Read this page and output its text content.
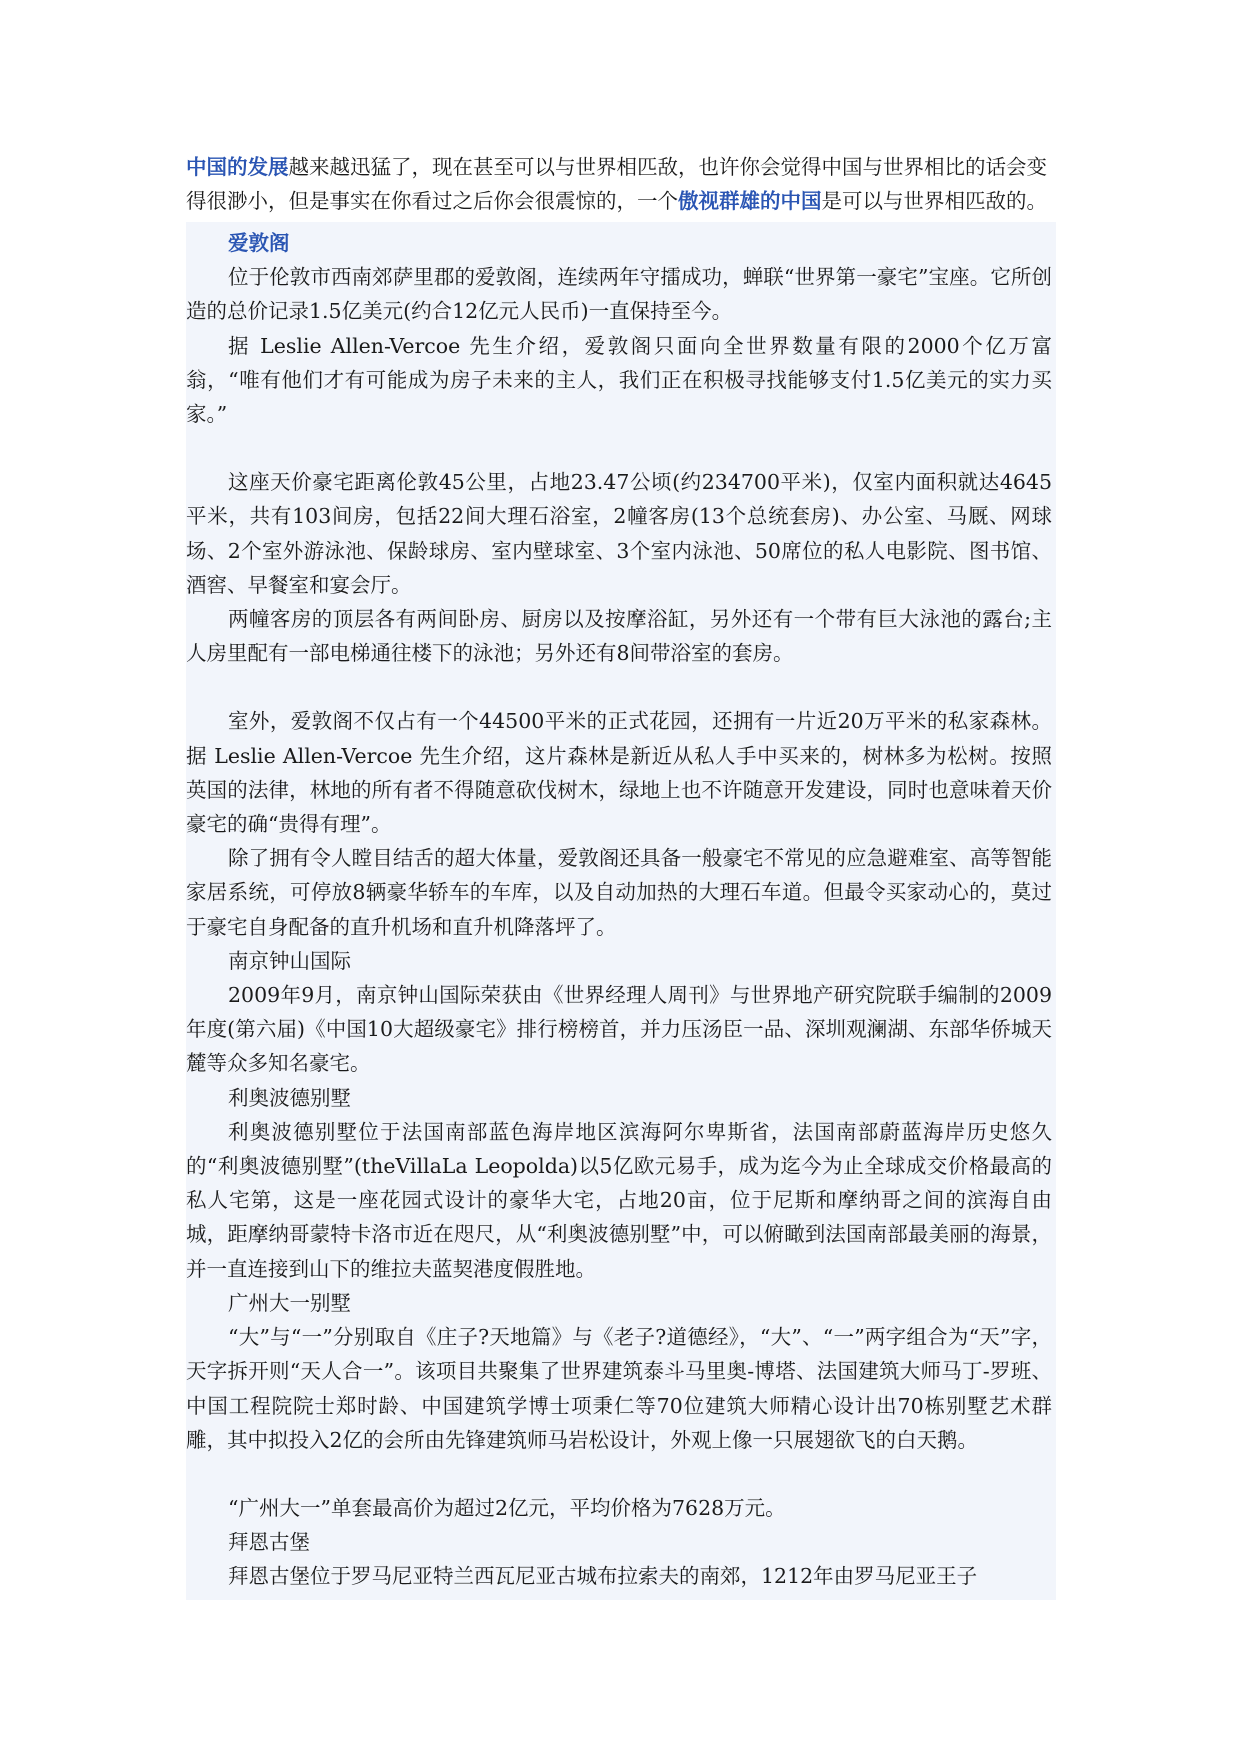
中国的发展越来越迅猛了，现在甚至可以与世界相匹敌，也许你会觉得中国与世界相比的话会变得很渺小，但是事实在你看过之后你会很震惊的，一个傲视群雄的中国是可以与世界相匹敌的。

爱敦阁

位于伦敦市西南郊萨里郡的爱敦阁，连续两年守擂成功，蝉联“世界第一豪宅”宝座。它所创造的总价记录1.5亿美元(约合12亿元人民币)一直保持至今。

据 Leslie Allen-Vercoe 先生介绍，爱敦阁只面向全世界数量有限的2000个亿万富翁，“唯有他们才有可能成为房子未来的主人，我们正在积极寻找能够支付1.5亿美元的实力买家。”

这座天价豪宅距离伦敦45公里，占地23.47公顷(约234700平米)，仅室内面积就达4645平米，共有103间房，包括22间大理石浴室，2幢客房(13个总统套房)、办公室、马厩、网球场、2个室外游泳池、保龄球房、室内壁球室、3个室内泳池、50席位的私人电影院、图书馆、酒窖、早餐室和宴会厅。

两幢客房的顶层各有两间卧房、厨房以及按摩浴缸，另外还有一个带有巨大泳池的露台;主人房里配有一部电梯通往楼下的泳池；另外还有8间带浴室的套房。

室外，爱敦阁不仅占有一个44500平米的正式花园，还拥有一片近20万平米的私家森林。据 Leslie Allen-Vercoe 先生介绍，这片森林是新近从私人手中买来的，树林多为松树。按照英国的法律，林地的所有者不得随意砍伐树木，绿地上也不许随意开发建设，同时也意味着天价豪宅的确“贵得有理”。

除了拥有令人瞠目结舌的超大体量，爱敦阁还具备一般豪宅不常见的应急避难室、高等智能家居系统，可停放8辆豪华轿车的车库，以及自动加热的大理石车道。但最令买家动心的，莫过于豪宅自身配备的直升机场和直升机降落坪了。

南京钟山国际

2009年9月，南京钟山国际荣获由《世界经理人周刊》与世界地产研究院联手编制的2009年度(第六届)《中国10大超级豪宅》排行榜榜首，并力压汤臣一品、深圳观澜湖、东部华侨城天麓等众多知名豪宅。

利奥波德别墅

利奥波德别墅位于法国南部蓝色海岸地区滨海阿尔卑斯省，法国南部蔚蓝海岸历史悠久的“利奥波德别墅”(theVillaLa Leopolda)以5亿欧元易手，成为迄今为止全球成交价格最高的私人宅第，这是一座花园式设计的豪华大宅，占地20亩，位于尼斯和摩纳哥之间的滨海自由城，距摩纳哥蒙特卡洛市近在咫尺，从“利奥波德别墅”中，可以俯瞰到法国南部最美丽的海景，并一直连接到山下的维拉夫蓝契港度假胜地。

广州大一别墅

“大”与“一”分别取自《庄子?天地篇》与《老子?道德经》，“大”、“一”两字组合为“天”字，天字拆开则“天人合一”。该项目共聚集了世界建筑泰斗马里奥-博塔、法国建筑大师马丁-罗班、中国工程院院士郑时龄、中国建筑学博士项秉仁等70位建筑大师精心设计出70栋别墅艺术群雕，其中拟投入2亿的会所由先锋建筑师马岩松设计，外观上像一只展翅欲飞的白天鹅。

“广州大一”单套最高价为超过2亿元，平均价格为7628万元。

拜恩古堡

拜恩古堡位于罗马尼亚特兰西瓦尼亚古城布拉索夫的南郊，1212年由罗马尼亚王子
